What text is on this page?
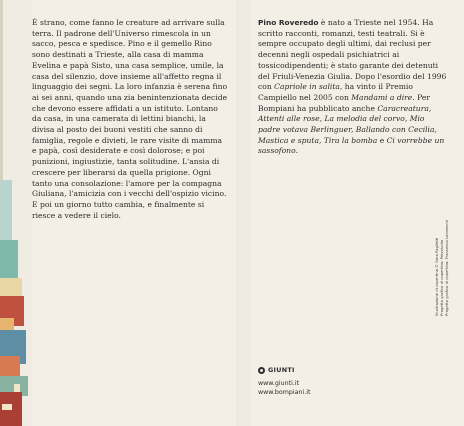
È strano, come fanno le creature ad arrivare sulla terra. Il padrone dell'Universo rimescola in un sacco, pesca e spedisce. Pino e il gemello Rino sono destinati a Trieste, alla casa di mamma Evelina e papà Sisto, una casa semplice, umile, la casa del silenzio, dove insieme all'affetto regna il linguaggio dei segni. La loro infanzia è serena fino ai sei anni, quando una zia benintenzionata decide che devono essere affidati a un istituto. Lontano da casa, in una camerata di lettini bianchi, la divisa al posto dei buoni vestiti che sanno di famiglia, regole e divieti, le rare visite di mamma e papà, così desiderate e così dolorose; e poi punizioni, ingiustizie, tanta solitudine. L'ansia di crescere per liberarsi da quella prigione. Ogni tanto una consolazione: l'amore per la compagna Giuliana, l'amicizia con i vecchi dell'ospizio vicino. E poi un giorno tutto cambia, e finalmente si riesce a vedere il cielo.

Pino Roveredo è nato a Trieste nel 1954. Ha scritto racconti, romanzi, testi teatrali. Si è sempre occupato degli ultimi, dai reclusi per decenni negli ospedali psichiatrici ai tossicodipendenti; è stato garante dei detenuti del Friuli-Venezia Giulia. Dopo l'esordio del 1996 con Capriole in salita, ha vinto il Premio Campiello nel 2005 con Mandami a dire. Per Bompiani ha pubblicato anche Caracreatura, Attenti alle rose, La melodia del corvo, Mio padre votava Berlinguer, Ballando con Cecilia, Mastica e sputa, Tira la bomba e Ci vorrebbe un sassofono.

GIUNTI
www.giunti.it
www.bompiani.it
Illustrazione di copertina © Sara Paglietti Progetto grafico di copertina: Polystudio Progetto grafico di copertina: Francesca Leoneschi
